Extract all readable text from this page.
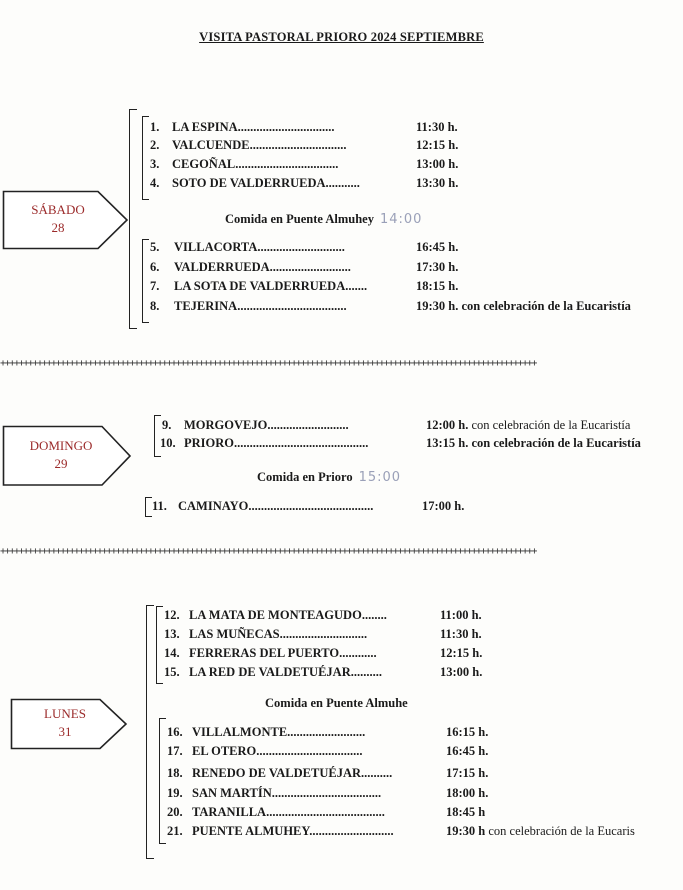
VISITA PASTORAL PRIORO 2024 SEPTIEMBRE
SÁBADO
28
1. LA ESPINA...............................	11:30 h.
2. VALCUENDE...............................	12:15 h.
3. CEGOÑAL.................................	13:00 h.
4. SOTO DE VALDERRUEDA...........	13:30 h.
Comida en Puente Almuhey 14:00
5. VILLACORTA............................	16:45 h.
6. VALDERRUEDA..........................	17:30 h.
7. LA SOTA DE VALDERRUEDA.......	18:15 h.
8. TEJERINA...................................	19:30 h. con celebración de la Eucaristía
++++++++++++++++++++++++++++++++++++++++++++++++++++++++++++++++++++++++++++++++++++++++++++++++++++++++++++++++++++
DOMINGO
29
9. MORGOVEJO..........................	12:00 h. con celebración de la Eucaristía
10. PRIORO...........................................	13:15 h. con celebración de la Eucaristía
Comida en Prioro 15:00
11. CAMINAYO........................................	17:00 h.
++++++++++++++++++++++++++++++++++++++++++++++++++++++++++++++++++++++++++++++++++++++++++++++++++++++++++++++++++++
LUNES
31
12. LA MATA DE MONTEAGUDO........	11:00 h.
13. LAS MUÑECAS............................	11:30 h.
14. FERRERAS DEL PUERTO............	12:15 h.
15. LA RED DE VALDETUÉJAR..........	13:00 h.
Comida en Puente Almuhe
16. VILLALMONTE.........................	16:15 h.
17. EL OTERO..................................	16:45 h.
18. RENEDO DE VALDETUÉJAR..........	17:15 h.
19. SAN MARTÍN...................................	18:00 h.
20. TARANILLA......................................	18:45 h
21. PUENTE ALMUHEY...........................	19:30 h con celebración de la Eucaris
